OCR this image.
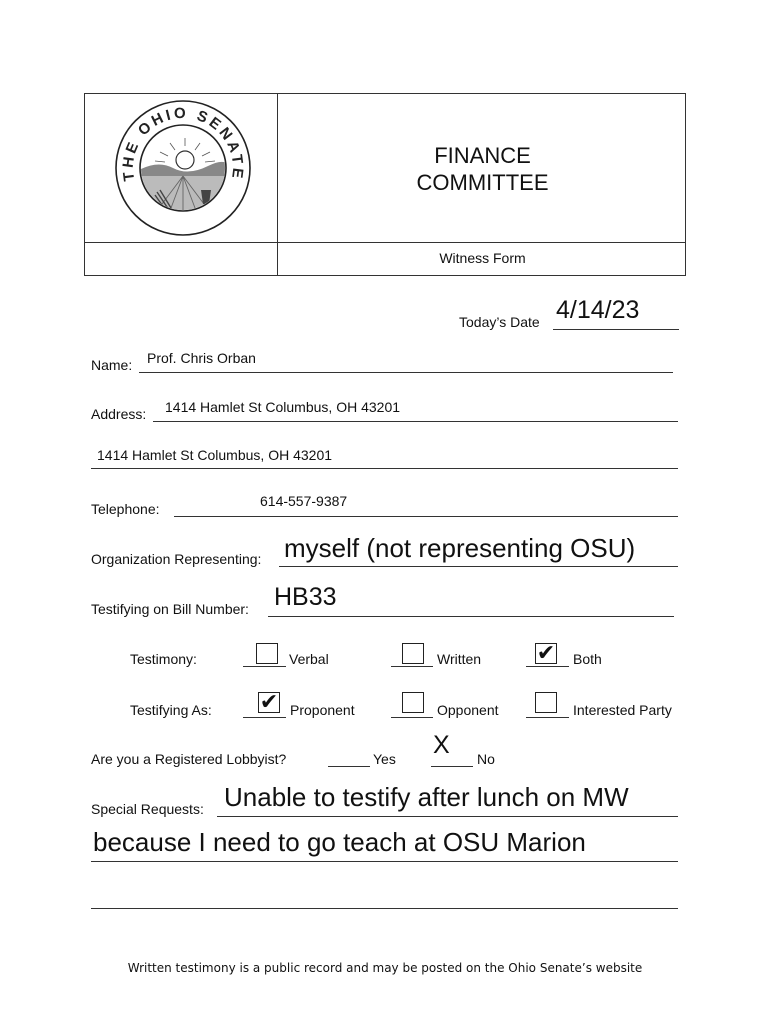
THE OHIO SENATE
FINANCE
COMMITTEE
Witness Form
Today’s Date 4/14/23
Name: Prof. Chris Orban
Address: 1414 Hamlet St Columbus, OH 43201
1414 Hamlet St Columbus, OH 43201
Telephone:	614-557-9387
Organization Representing: myself (not representing OSU)
Testifying on Bill Number: HB33
Testimony:	Verbal	Written	✔ Both
Testifying As: ✔ Proponent	Opponent	Interested Party
Are you a Registered Lobbyist?	Yes X No
Special Requests: Unable to testify after lunch on MW
because I need to go teach at OSU Marion
Written testimony is a public record and may be posted on the Ohio Senate’s website
